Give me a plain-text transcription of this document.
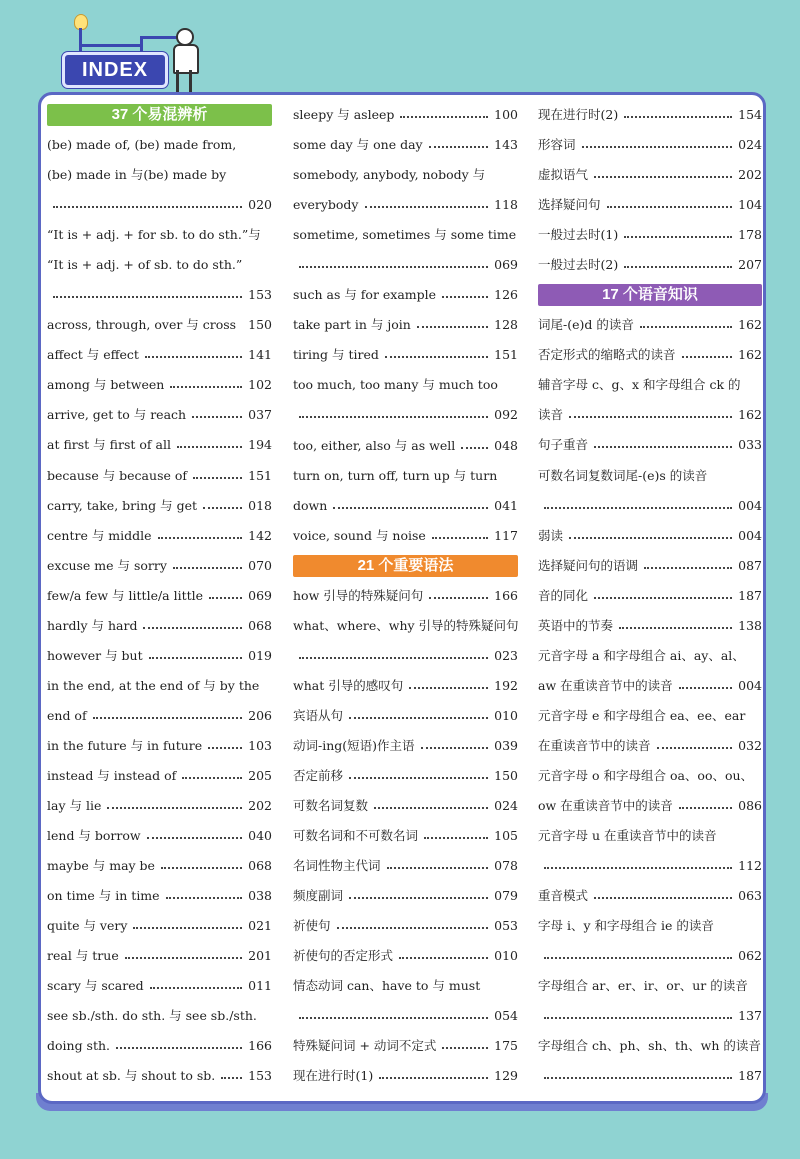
INDEX
37 个易混辨析
(be) made of, (be) made from,
(be) made in 与(be) made by
020
“It is + adj. + for sb. to do sth.”与
“It is + adj. + of sb. to do sth.”
153
across, through, over 与 cross 150
affect 与 effect	141
among 与 between	102
arrive, get to 与 reach	037
at first 与 first of all	194
because 与 because of	151
carry, take, bring 与 get	018
centre 与 middle	142
excuse me 与 sorry	070
few/a few 与 little/a little	069
hardly 与 hard	068
however 与 but	019
in the end, at the end of 与 by the
end of	206
in the future 与 in future	103
instead 与 instead of	205
lay 与 lie	202
lend 与 borrow	040
maybe 与 may be	068
on time 与 in time	038
quite 与 very	021
real 与 true	201
scary 与 scared	011
see sb./sth. do sth. 与 see sb./sth.
doing sth.	166
shout at sb. 与 shout to sb.	153
sleepy 与 asleep	100
some day 与 one day	143
somebody, anybody, nobody 与
everybody	118
sometime, sometimes 与 some time
069
such as 与 for example	126
take part in 与 join	128
tiring 与 tired	151
too much, too many 与 much too
092
too, either, also 与 as well	048
turn on, turn off, turn up 与 turn
down	041
voice, sound 与 noise	117
21 个重要语法
how 引导的特殊疑问句	166
what、where、why 引导的特殊疑问句
023
what 引导的感叹句	192
宾语从句	010
动词-ing(短语)作主语	039
否定前移	150
可数名词复数	024
可数名词和不可数名词	105
名词性物主代词	078
频度副词	079
祈使句	053
祈使句的否定形式	010
情态动词 can、have to 与 must
054
特殊疑问词 + 动词不定式	175
现在进行时(1)	129
现在进行时(2)	154
形容词	024
虚拟语气	202
选择疑问句	104
一般过去时(1)	178
一般过去时(2)	207
17 个语音知识
词尾-(e)d 的读音	162
否定形式的缩略式的读音	162
辅音字母 c、g、x 和字母组合 ck 的
读音	162
句子重音	033
可数名词复数词尾-(e)s 的读音
004
弱读	004
选择疑问句的语调	087
音的同化	187
英语中的节奏	138
元音字母 a 和字母组合 ai、ay、al、
aw 在重读音节中的读音	004
元音字母 e 和字母组合 ea、ee、ear
在重读音节中的读音	032
元音字母 o 和字母组合 oa、oo、ou、
ow 在重读音节中的读音	086
元音字母 u 在重读音节中的读音
112
重音模式	063
字母 i、y 和字母组合 ie 的读音
062
字母组合 ar、er、ir、or、ur 的读音
137
字母组合 ch、ph、sh、th、wh 的读音
187
